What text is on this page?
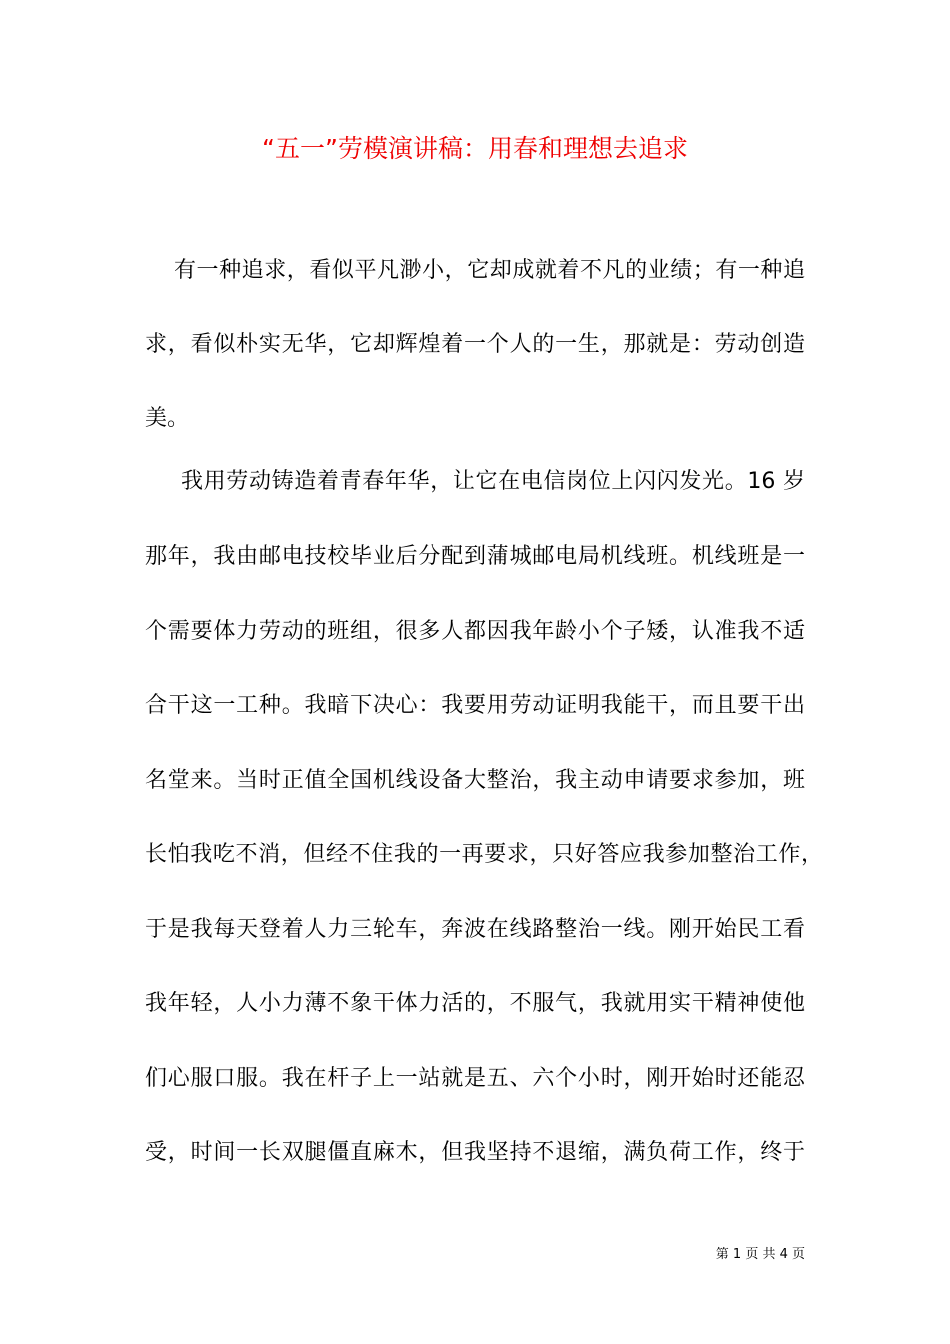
“五一”劳模演讲稿：用春和理想去追求

有一种追求，看似平凡渺小，它却成就着不凡的业绩；有一种追

求，看似朴实无华，它却辉煌着一个人的一生，那就是：劳动创造

美。

我用劳动铸造着青春年华，让它在电信岗位上闪闪发光。16 岁

那年，我由邮电技校毕业后分配到蒲城邮电局机线班。机线班是一

个需要体力劳动的班组，很多人都因我年龄小个子矮，认准我不适

合干这一工种。我暗下决心：我要用劳动证明我能干，而且要干出

名堂来。当时正值全国机线设备大整治，我主动申请要求参加，班

长怕我吃不消，但经不住我的一再要求，只好答应我参加整治工作，

于是我每天登着人力三轮车，奔波在线路整治一线。刚开始民工看

我年轻，人小力薄不象干体力活的，不服气，我就用实干精神使他

们心服口服。我在杆子上一站就是五、六个小时，刚开始时还能忍

受，时间一长双腿僵直麻木，但我坚持不退缩，满负荷工作，终于

第 1 页 共 4 页
